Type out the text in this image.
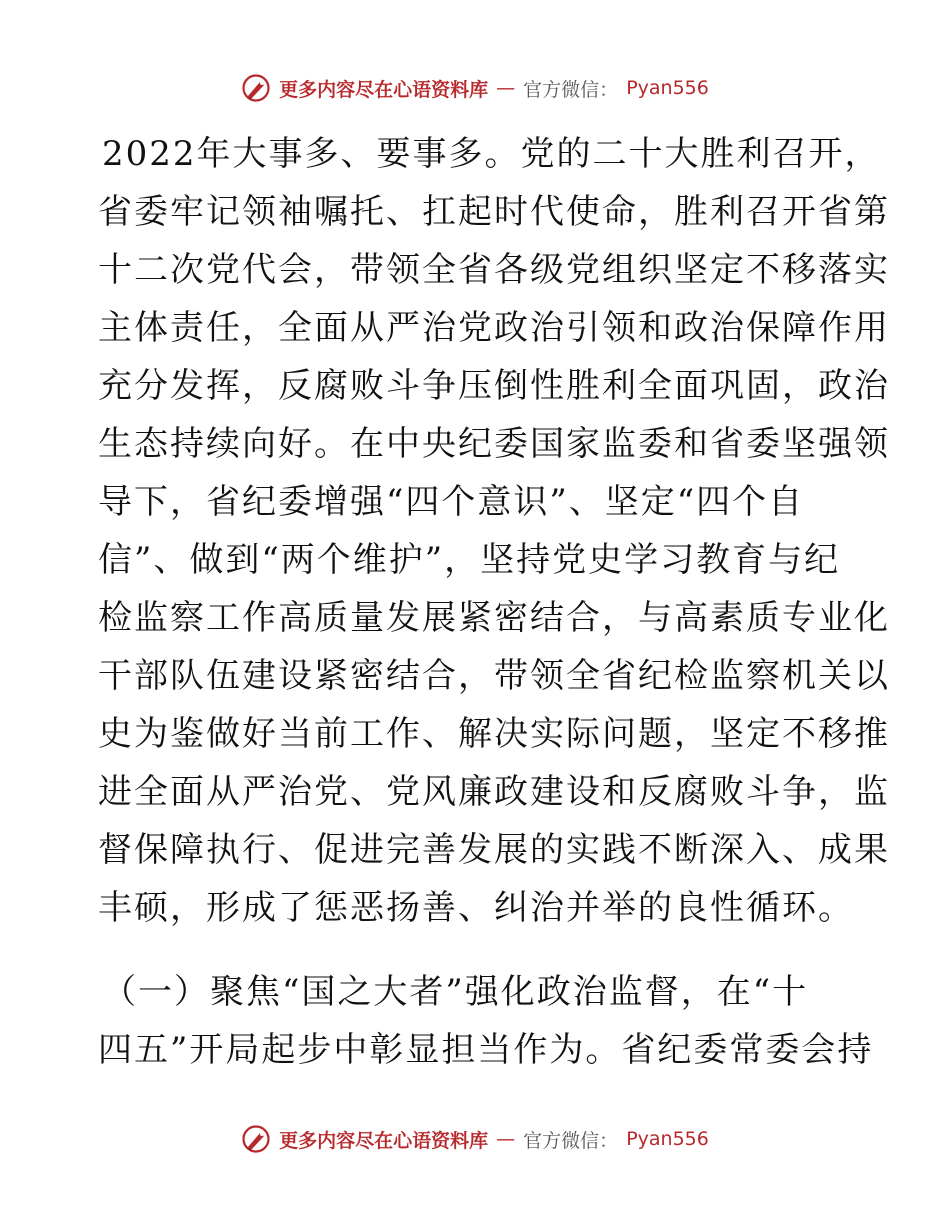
更多内容尽在心语资料库 — 官方微信： Pyan556
2022年大事多、要事多。党的二十大胜利召开，
省委牢记领袖嘱托、扛起时代使命，胜利召开省第
十二次党代会，带领全省各级党组织坚定不移落实
主体责任，全面从严治党政治引领和政治保障作用
充分发挥，反腐败斗争压倒性胜利全面巩固，政治
生态持续向好。在中央纪委国家监委和省委坚强领
导下，省纪委增强“四个意识”、坚定“四个自
信”、做到“两个维护”，坚持党史学习教育与纪
检监察工作高质量发展紧密结合，与高素质专业化
干部队伍建设紧密结合，带领全省纪检监察机关以
史为鉴做好当前工作、解决实际问题，坚定不移推
进全面从严治党、党风廉政建设和反腐败斗争，监
督保障执行、促进完善发展的实践不断深入、成果
丰硕，形成了惩恶扬善、纠治并举的良性循环。
（一）聚焦“国之大者”强化政治监督，在“十
四五”开局起步中彰显担当作为。省纪委常委会持
更多内容尽在心语资料库 — 官方微信： Pyan556
